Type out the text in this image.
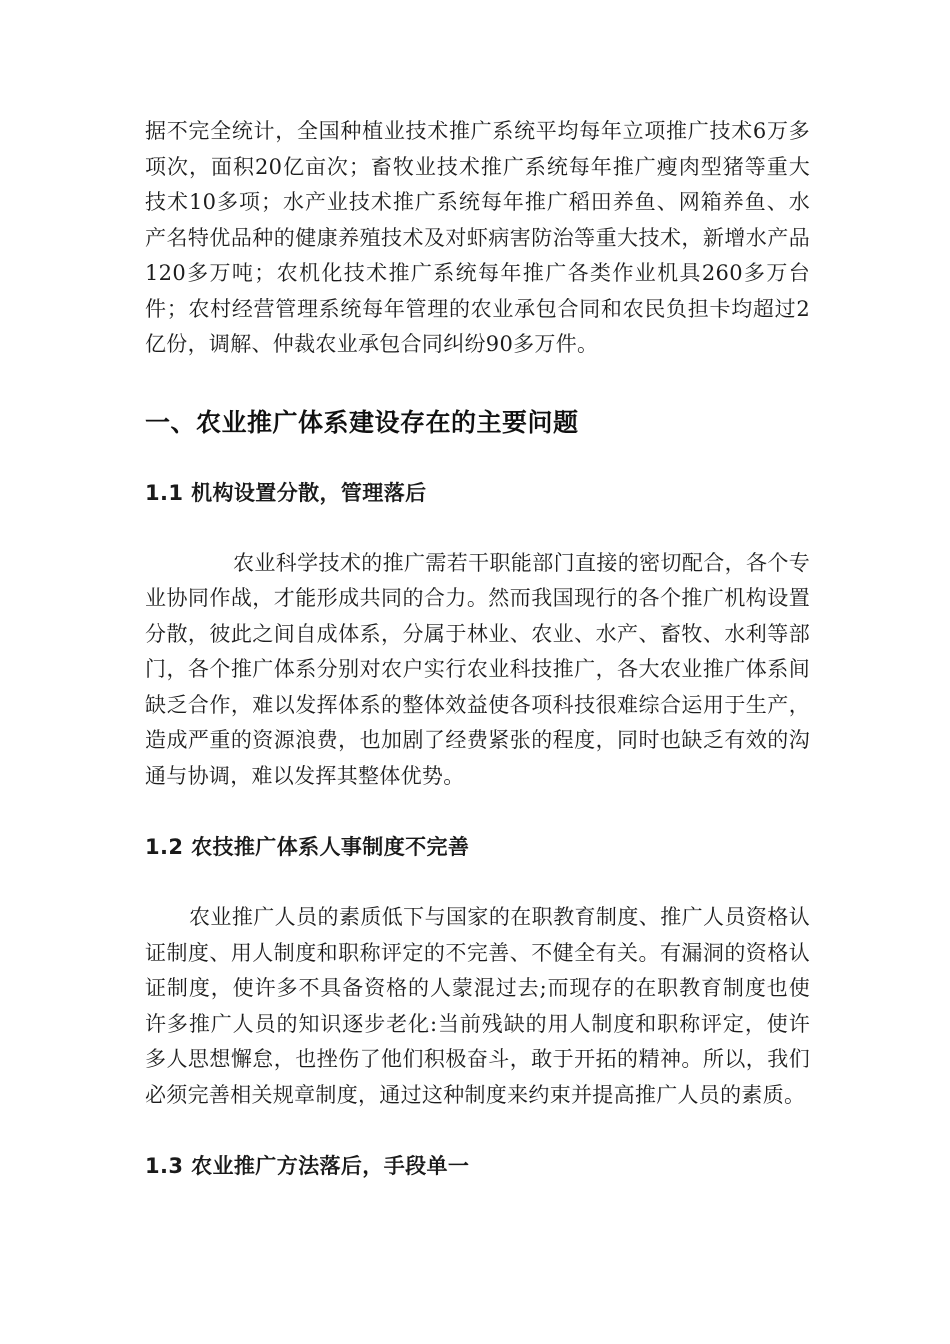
据不完全统计，全国种植业技术推广系统平均每年立项推广技术6万多项次，面积20亿亩次；畜牧业技术推广系统每年推广瘦肉型猪等重大技术10多项；水产业技术推广系统每年推广稻田养鱼、网箱养鱼、水产名特优品种的健康养殖技术及对虾病害防治等重大技术，新增水产品120多万吨；农机化技术推广系统每年推广各类作业机具260多万台件；农村经营管理系统每年管理的农业承包合同和农民负担卡均超过2亿份，调解、仲裁农业承包合同纠纷90多万件。

一、农业推广体系建设存在的主要问题
1.1 机构设置分散，管理落后

农业科学技术的推广需若干职能部门直接的密切配合，各个专业协同作战，才能形成共同的合力。然而我国现行的各个推广机构设置分散，彼此之间自成体系，分属于林业、农业、水产、畜牧、水利等部门，各个推广体系分别对农户实行农业科技推广，各大农业推广体系间缺乏合作，难以发挥体系的整体效益使各项科技很难综合运用于生产，造成严重的资源浪费，也加剧了经费紧张的程度，同时也缺乏有效的沟通与协调，难以发挥其整体优势。

1.2 农技推广体系人事制度不完善

农业推广人员的素质低下与国家的在职教育制度、推广人员资格认证制度、用人制度和职称评定的不完善、不健全有关。有漏洞的资格认证制度，使许多不具备资格的人蒙混过去;而现存的在职教育制度也使许多推广人员的知识逐步老化:当前残缺的用人制度和职称评定，使许多人思想懈怠，也挫伤了他们积极奋斗，敢于开拓的精神。所以，我们必须完善相关规章制度，通过这种制度来约束并提高推广人员的素质。

1.3 农业推广方法落后，手段单一
